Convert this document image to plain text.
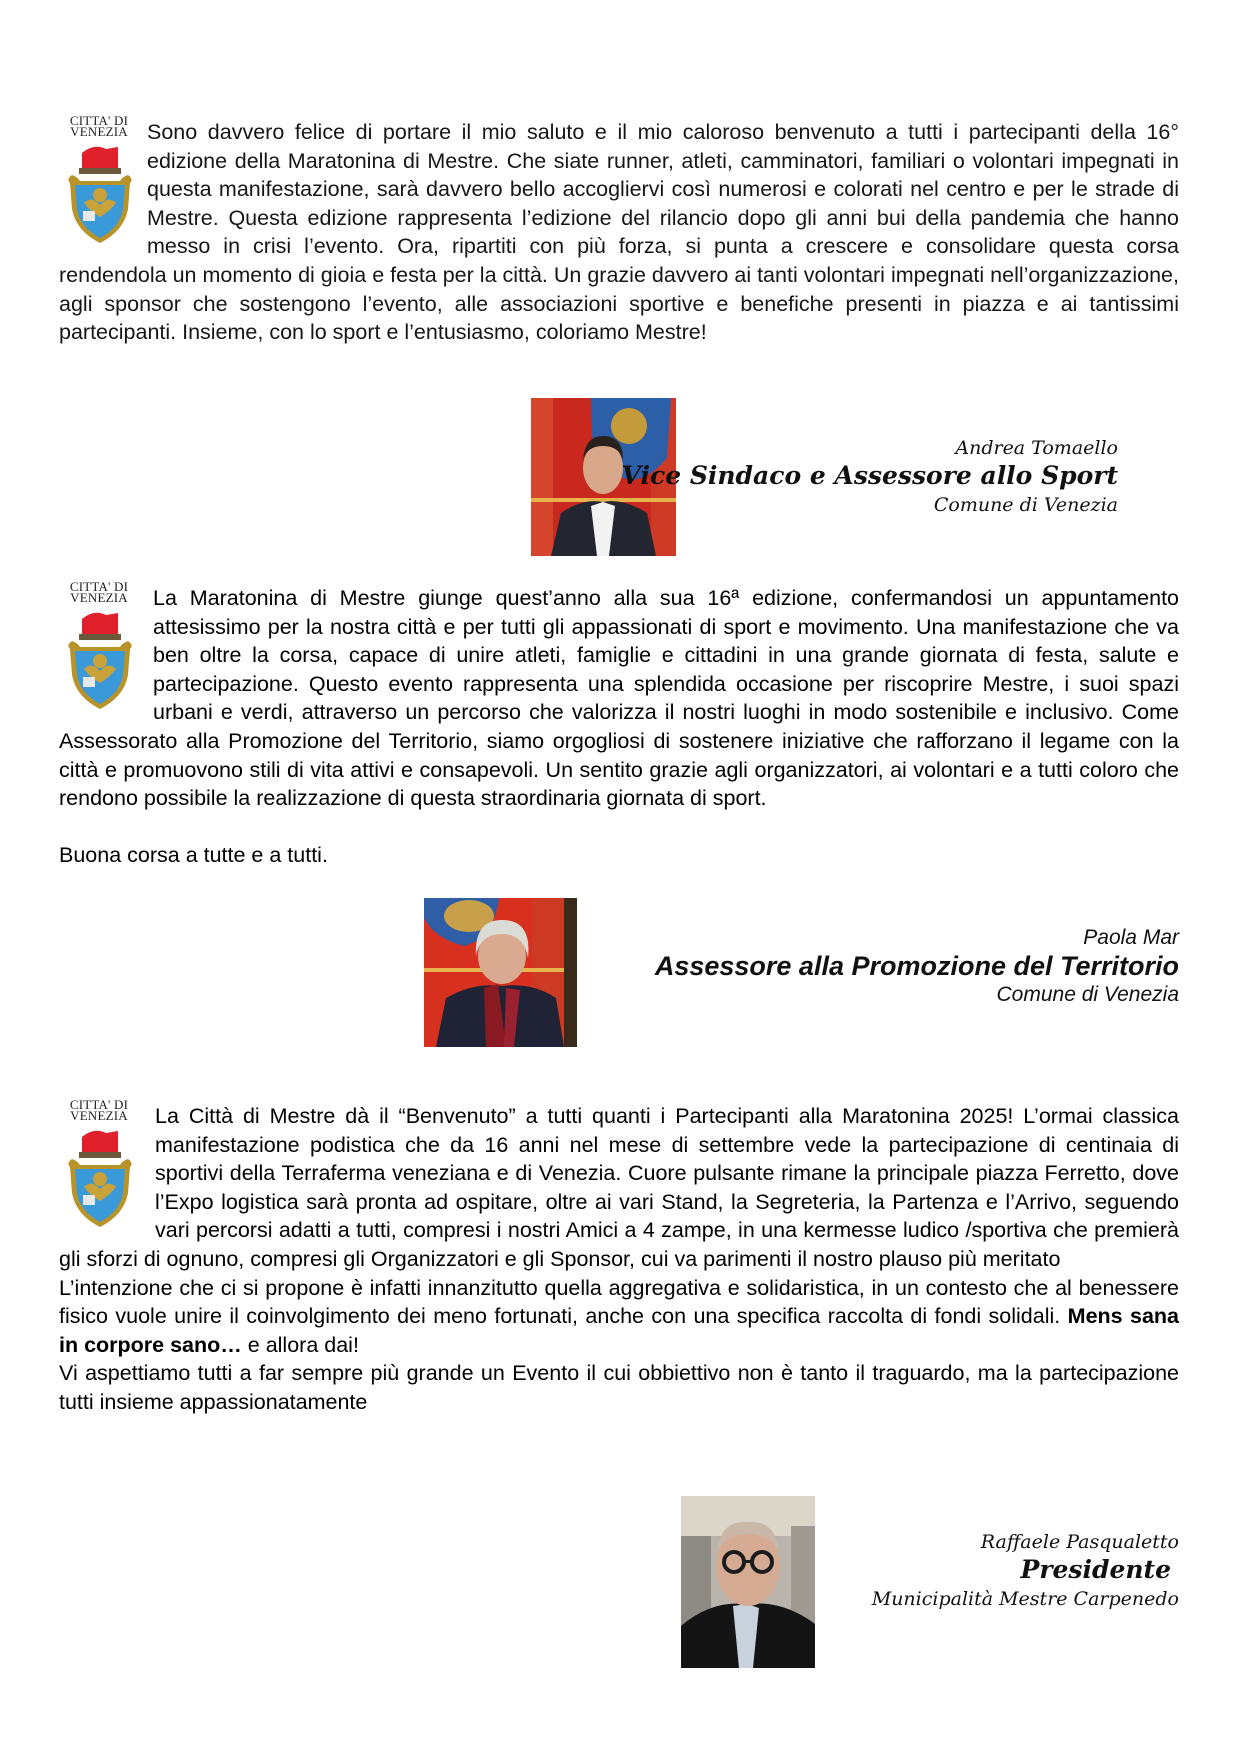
CITTA' DI
VENEZIA Sono davvero felice di portare il mio saluto e il mio caloroso benvenuto a tutti i partecipanti della 16° edizione della Maratonina di Mestre. Che siate runner, atleti, camminatori, familiari o volontari impegnati in questa manifestazione, sarà davvero bello accogliervi così numerosi e colorati nel centro e per le strade di Mestre. Questa edizione rappresenta l’edizione del rilancio dopo gli anni bui della pandemia che hanno messo in crisi l’evento. Ora, ripartiti con più forza, si punta a crescere e consolidare questa corsa rendendola un momento di gioia e festa per la città. Un grazie davvero ai tanti volontari impegnati nell’organizzazione, agli sponsor che sostengono l’evento, alle associazioni sportive e benefiche presenti in piazza e ai tantissimi partecipanti. Insieme, con lo sport e l’entusiasmo, coloriamo Mestre!

Andrea Tomaello
Vice Sindaco e Assessore allo Sport
Comune di Venezia
CITTA' DI
VENEZIA	La Maratonina di Mestre giunge quest’anno alla sua 16ª edizione, confermandosi un appuntamento attesissimo per la nostra città e per tutti gli appassionati di sport e movimento. Una manifestazione che va ben oltre la corsa, capace di unire atleti, famiglie e cittadini in una grande giornata di festa, salute e partecipazione. Questo evento rappresenta una splendida occasione per riscoprire Mestre, i suoi spazi urbani e verdi, attraverso un percorso che valorizza il nostri luoghi in modo sostenibile e inclusivo. Come Assessorato alla Promozione del Territorio, siamo orgogliosi di sostenere iniziative che rafforzano il legame con la città e promuovono stili di vita attivi e consapevoli. Un sentito grazie agli organizzatori, ai volontari e a tutti coloro che rendono possibile la realizzazione di questa straordinaria giornata di sport.

Buona corsa a tutte e a tutti.

Paola Mar
Assessore alla Promozione del Territorio
Comune di Venezia
CITTA' DI
VENEZIA	La Città di Mestre dà il “Benvenuto” a tutti quanti i Partecipanti alla Maratonina 2025! L’ormai classica manifestazione podistica che da 16 anni nel mese di settembre vede la partecipazione di centinaia di sportivi della Terraferma veneziana e di Venezia. Cuore pulsante rimane la principale piazza Ferretto, dove l’Expo logistica sarà pronta ad ospitare, oltre ai vari Stand, la Segreteria, la Partenza e l’Arrivo, seguendo vari percorsi adatti a tutti, compresi i nostri Amici a 4 zampe, in una kermesse ludico /sportiva che premierà gli sforzi di ognuno, compresi gli Organizzatori e gli Sponsor, cui va parimenti il nostro plauso più meritato

L’intenzione che ci si propone è infatti innanzitutto quella aggregativa e solidaristica, in un contesto che al benessere fisico vuole unire il coinvolgimento dei meno fortunati, anche con una specifica raccolta di fondi solidali. Mens sana in corpore sano… e allora dai!

Vi aspettiamo tutti a far sempre più grande un Evento il cui obbiettivo non è tanto il traguardo, ma la partecipazione tutti insieme appassionatamente

Raffaele Pasqualetto
Presidente
Municipalità Mestre Carpenedo
